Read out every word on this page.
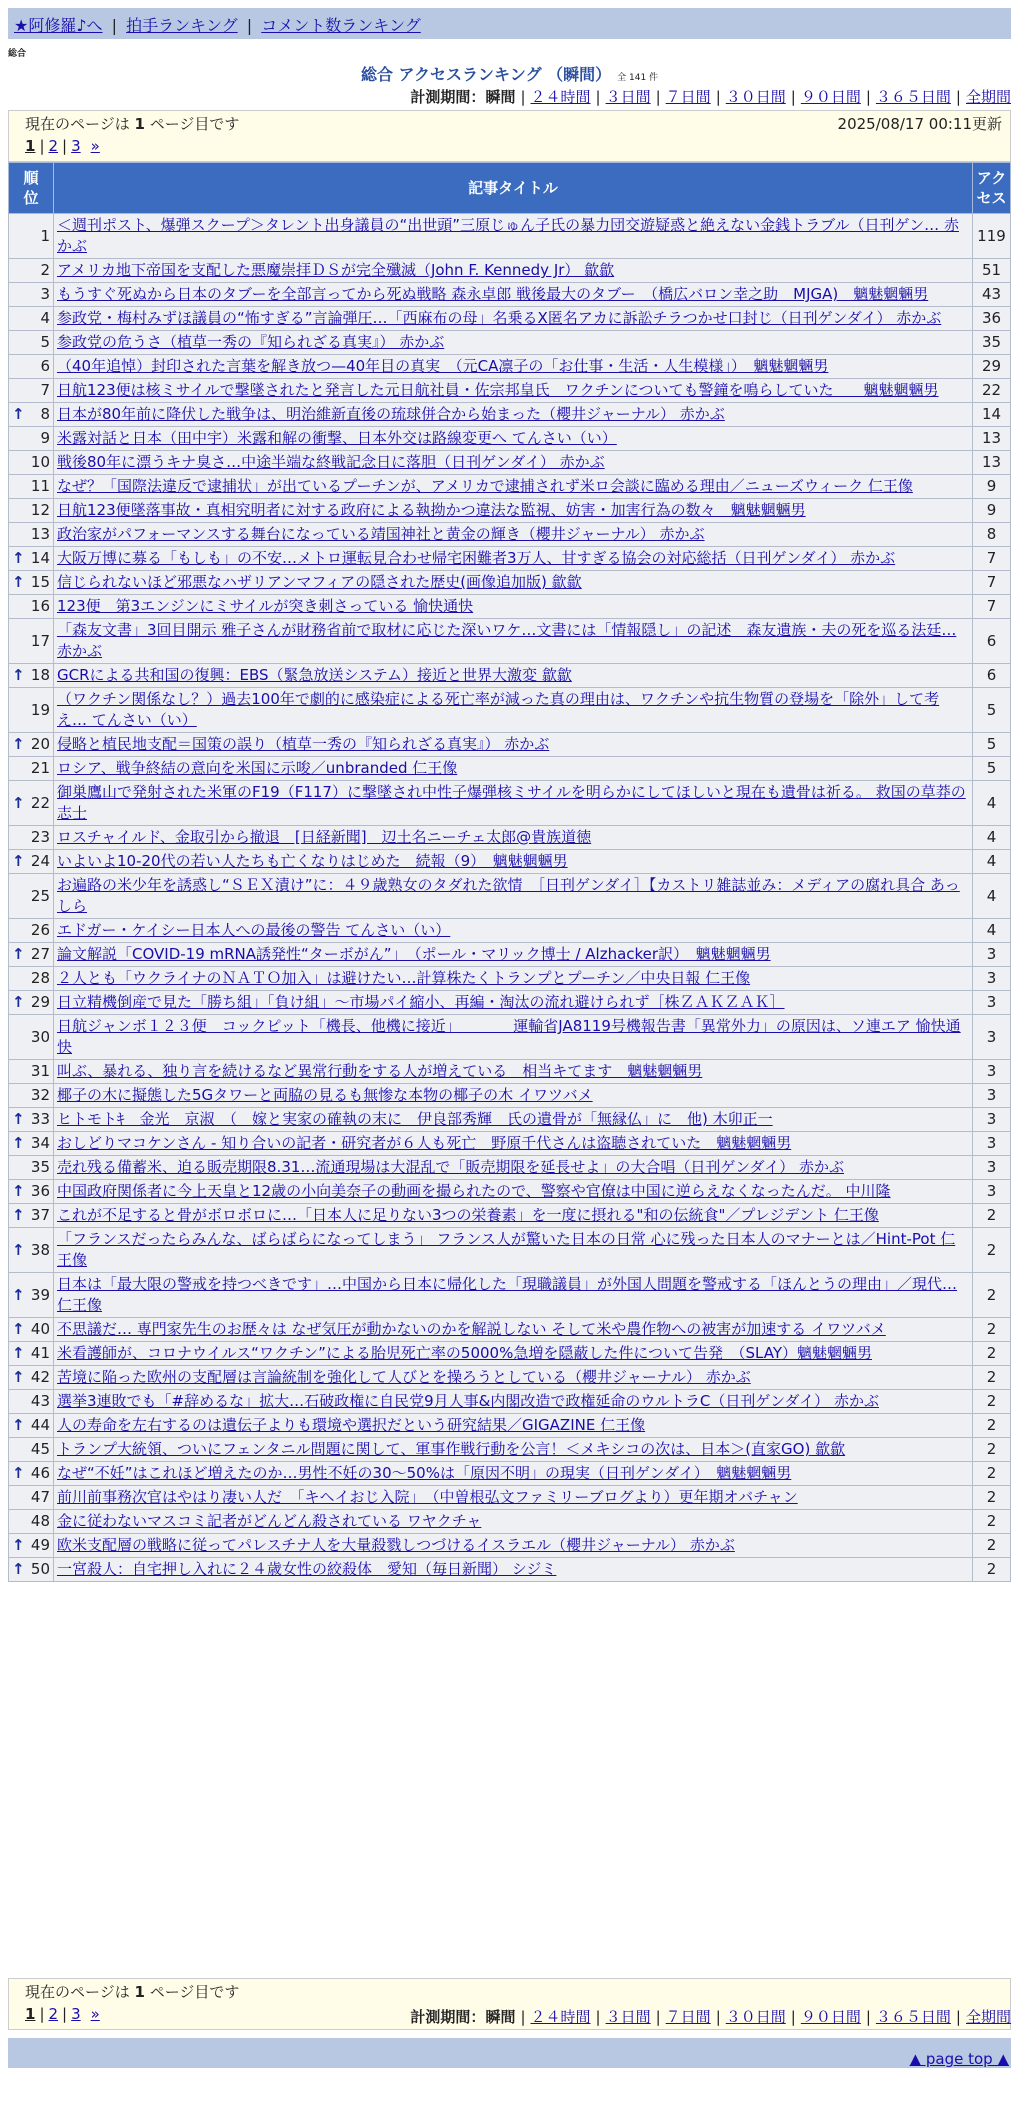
★阿修羅♪へ | 拍手ランキング | コメント数ランキング
総合
総合 アクセスランキング （瞬間） 全 141 件
計測期間：瞬間 | ２４時間 | ３日間 | ７日間 | ３０日間 | ９０日間 | ３６５日間 | 全期間
現在のページは 1 ページ目です	2025/08/17 00:11更新
1 | 2 | 3 »
順位	記事タイトル	アクセス
1	＜週刊ポスト、爆弾スクープ＞タレント出身議員の“出世頭”三原じゅん子氏の暴力団交遊疑惑と絶えない金銭トラブル（日刊ゲン… 赤かぶ	119
2	アメリカ地下帝国を支配した悪魔崇拝ＤＳが完全殲滅（John F. Kennedy Jr） 歙歙	51
3	もうすぐ死ぬから日本のタブーを全部言ってから死ぬ戦略 森永卓郎 戦後最大のタブー　（橋広バロン幸之助　MJGA)　魑魅魍魎男	43
4	参政党・梅村みずほ議員の“怖すぎる”言論弾圧…「西麻布の母」名乗るX匿名アカに訴訟チラつかせ口封じ（日刊ゲンダイ） 赤かぶ	36
5	参政党の危うさ（植草一秀の『知られざる真実』） 赤かぶ	35
6	（40年追悼）封印された言葉を解き放つ—40年目の真実　（元CA凛子の「お仕事・生活・人生模様」）　魑魅魍魎男	29
7	日航123便は核ミサイルで撃墜されたと発言した元日航社員・佐宗邦皇氏　ワクチンについても警鐘を鳴らしていた　　魑魅魍魎男	22

↑ 8	日本が80年前に降伏した戦争は、明治維新直後の琉球併合から始まった（櫻井ジャーナル） 赤かぶ	14
9	米露対話と日本（田中宇）米露和解の衝撃、日本外交は路線変更へ てんさい（い）	13
10	戦後80年に漂うキナ臭さ…中途半端な終戦記念日に落胆（日刊ゲンダイ） 赤かぶ	13
11	なぜ？「国際法違反で逮捕状」が出ているプーチンが、アメリカで逮捕されず米ロ会談に臨める理由／ニューズウィーク 仁王像	9
12	日航123便墜落事故・真相究明者に対する政府による執拗かつ違法な監視、妨害・加害行為の数々　魑魅魍魎男	9
13	政治家がパフォーマンスする舞台になっている靖国神社と黄金の輝き（櫻井ジャーナル） 赤かぶ	8

↑ 14	大阪万博に募る「もしも」の不安…メトロ運転見合わせ帰宅困難者3万人、甘すぎる協会の対応総括（日刊ゲンダイ） 赤かぶ	7

↑ 15	信じられないほど邪悪なハザリアンマフィアの隠された歴史(画像追加版) 歙歙	7
16	123便　第3エンジンにミサイルが突き刺さっている 愉快通快	7
17	「森友文書」3回目開示 雅子さんが財務省前で取材に応じた深いワケ…文書には「情報隠し」の記述　森友遺族・夫の死を巡る法廷… 赤かぶ	6

↑ 18	GCRによる共和国の復興：EBS（緊急放送システム）接近と世界大激変 歙歙	6
19	（ワクチン関係なし？）過去100年で劇的に感染症による死亡率が減った真の理由は、ワクチンや抗生物質の登場を「除外」して考え… てんさい（い）	5

↑ 20	侵略と植民地支配＝国策の誤り（植草一秀の『知られざる真実』） 赤かぶ	5
21	ロシア、戦争終結の意向を米国に示唆／unbranded 仁王像	5

↑ 22	御巣鷹山で発射された米軍のF19（F117）に撃墜され中性子爆弾核ミサイルを明らかにしてほしいと現在も遺骨は祈る。 救国の草莽の志士	4
23	ロスチャイルド、金取引から撤退　[日経新聞]　辺土名ニーチェ太郎@貴族道徳	4

↑ 24	いよいよ10-20代の若い人たちも亡くなりはじめた　続報（9）　魑魅魍魎男	4
25	お遍路の米少年を誘惑し“ＳＥＸ漬け”に：４９歳熟女のタダれた欲情　［日刊ゲンダイ］【カストリ雑誌並み：メディアの腐れ具合 あっしら	4
26	エドガー・ケイシー日本人への最後の警告 てんさい（い）	4

↑ 27	論文解説「COVID-19 mRNA誘発性“ターボがん”」　（ポール・マリック博士 / Alzhacker訳）　魑魅魍魎男	3
28	２人とも「ウクライナのＮＡＴＯ加入」は避けたい…計算株たくトランプとプーチン／中央日報 仁王像	3

↑ 29	日立精機倒産で見た「勝ち組」「負け組」～市場パイ縮小、再編・淘汰の流れ避けられず［株ＺＡＫＺＡＫ］	3
30	日航ジャンボ１２３便　コックピット「機長、他機に接近」　　　　運輸省JA8119号機報告書「異常外力」の原因は、ソ連エア 愉快通快	3
31	叫ぶ、暴れる、独り言を続けるなど異常行動をする人が増えている　相当キてます　魑魅魍魎男	3
32	椰子の木に擬態した5Gタワーと両脇の見るも無惨な本物の椰子の木 イワツバメ	3

↑ 33	ヒトモトｷ　金光　京淑　（　嫁と実家の確執の末に　伊良部秀輝　氏の遺骨が「無縁仏」に　他) 木卯正一	3

↑ 34	おしどりマコケンさん - 知り合いの記者・研究者が６人も死亡　野原千代さんは盗聴されていた　魑魅魍魎男	3
35	売れ残る備蓄米、迫る販売期限8.31…流通現場は大混乱で「販売期限を延長せよ」の大合唱（日刊ゲンダイ） 赤かぶ	3

↑ 36	中国政府関係者に今上天皇と12歳の小向美奈子の動画を撮られたので、警察や官僚は中国に逆らえなくなったんだ。 中川隆	3

↑ 37	これが不足すると骨がボロボロに…「日本人に足りない3つの栄養素」を一度に摂れる"和の伝統食"／プレジデント 仁王像	2

↑ 38	「フランスだったらみんな、ばらばらになってしまう」 フランス人が驚いた日本の日常 心に残った日本人のマナーとは／Hint-Pot 仁王像	2

↑ 39	日本は「最大限の警戒を持つべきです」…中国から日本に帰化した「現職議員」が外国人問題を警戒する「ほんとうの理由」／現代… 仁王像	2

↑ 40	不思議だ… 専門家先生のお歴々は なぜ気圧が動かないのかを解説しない そして米や農作物への被害が加速する イワツバメ	2

↑ 41	米看護師が、コロナウイルス“ワクチン”による胎児死亡率の5000%急増を隠蔽した件について告発　（SLAY）魑魅魍魎男	2

↑ 42	苦境に陥った欧州の支配層は言論統制を強化して人びとを操ろうとしている（櫻井ジャーナル） 赤かぶ	2
43	選挙3連敗でも「#辞めるな」拡大…石破政権に自民党9月人事&内閣改造で政権延命のウルトラC（日刊ゲンダイ） 赤かぶ	2

↑ 44	人の寿命を左右するのは遺伝子よりも環境や選択だという研究結果／GIGAZINE 仁王像	2
45	トランプ大統領、ついにフェンタニル問題に関して、軍事作戦行動を公言！＜メキシコの次は、日本＞(直家GO) 歙歙	2

↑ 46	なぜ“不妊”はこれほど増えたのか…男性不妊の30～50%は「原因不明」の現実（日刊ゲンダイ）　魑魅魍魎男	2
47	前川前事務次官はやはり凄い人だ　「キヘイおじ入院」　（中曽根弘文ファミリーブログより）更年期オバチャン	2
48	金に従わないマスコミ記者がどんどん殺されている ワヤクチャ	2

↑ 49	欧米支配層の戦略に従ってパレスチナ人を大量殺戮しつづけるイスラエル（櫻井ジャーナル） 赤かぶ	2

↑ 50	一宮殺人：自宅押し入れに２４歳女性の絞殺体　愛知（毎日新聞） シジミ	2
現在のページは 1 ページ目です
1 | 2 | 3 »	計測期間：瞬間 | ２４時間 | ３日間 | ７日間 | ３０日間 | ９０日間 | ３６５日間 | 全期間
▲ page top ▲
